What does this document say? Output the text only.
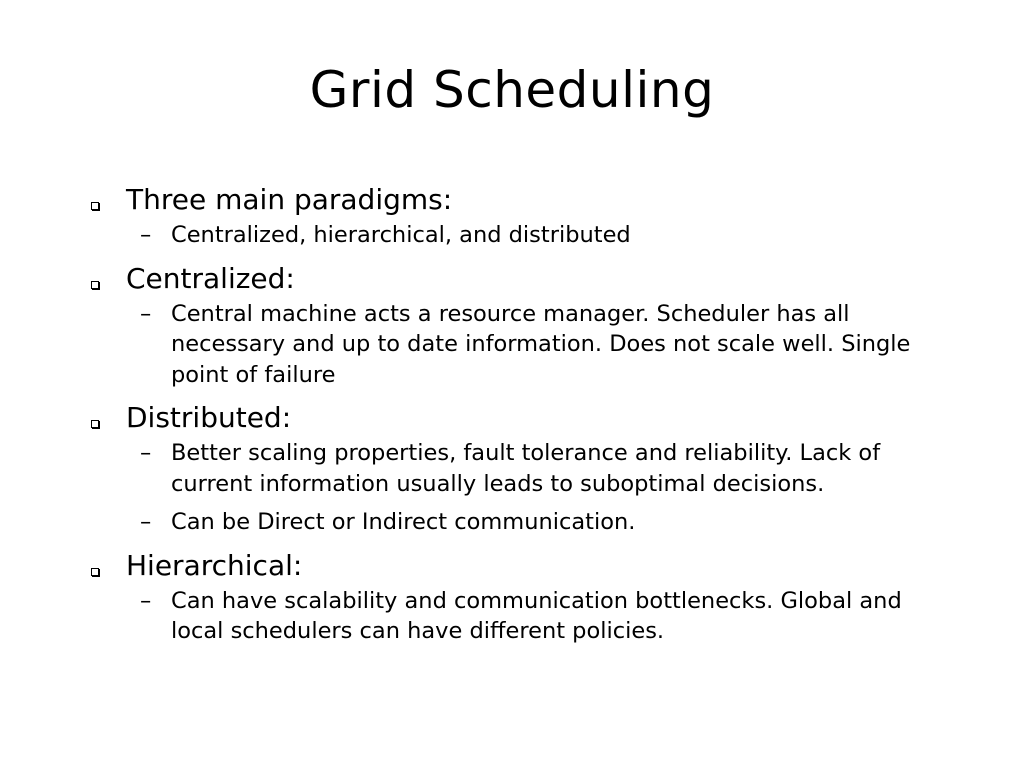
Grid Scheduling
Three main paradigms:
– Centralized, hierarchical, and distributed
Centralized:
– Central machine acts a resource manager. Scheduler has all necessary and up to date information. Does not scale well. Single point of failure
Distributed:
– Better scaling properties, fault tolerance and reliability. Lack of current information usually leads to suboptimal decisions.
– Can be Direct or Indirect communication.
Hierarchical:
– Can have scalability and communication bottlenecks. Global and local schedulers can have different policies.
